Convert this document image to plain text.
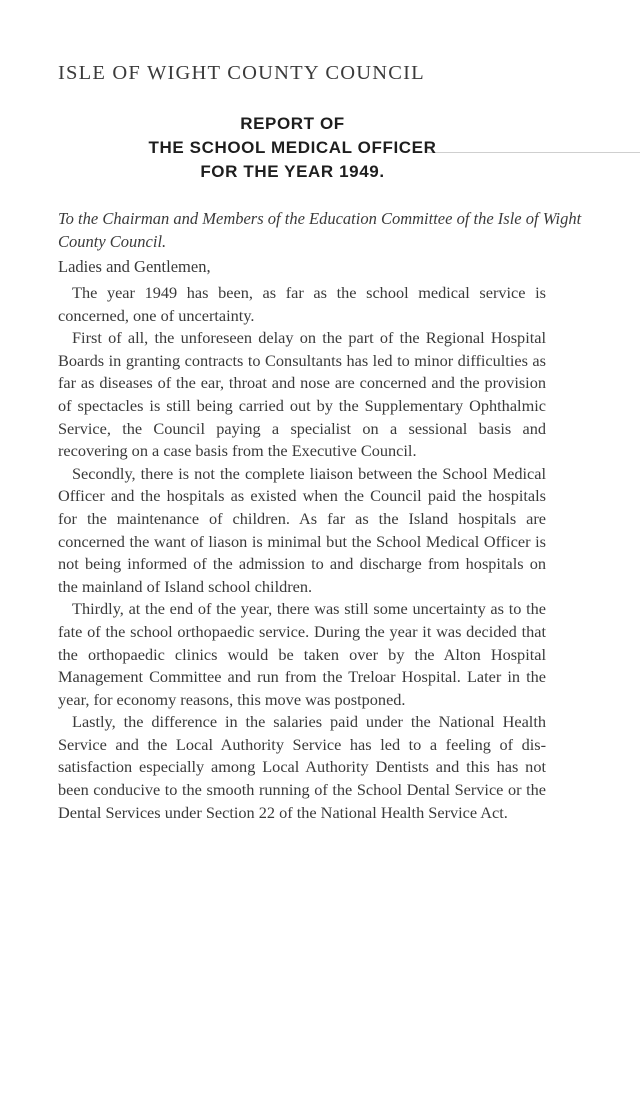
ISLE OF WIGHT COUNTY COUNCIL
REPORT OF
THE SCHOOL MEDICAL OFFICER
FOR THE YEAR 1949.
To the Chairman and Members of the Education Committee of the Isle of Wight County Council.
Ladies and Gentlemen,

The year 1949 has been, as far as the school medical service is concerned, one of uncertainty.

First of all, the unforeseen delay on the part of the Regional Hospital Boards in granting contracts to Consultants has led to minor difficulties as far as diseases of the ear, throat and nose are concerned and the provision of spectacles is still being carried out by the Supplementary Ophthalmic Service, the Council paying a specialist on a sessional basis and recovering on a case basis from the Executive Council.

Secondly, there is not the complete liaison between the School Medical Officer and the hospitals as existed when the Council paid the hospitals for the maintenance of children. As far as the Island hospitals are concerned the want of liason is minimal but the School Medical Officer is not being informed of the admission to and discharge from hospitals on the mainland of Island school children.

Thirdly, at the end of the year, there was still some uncertainty as to the fate of the school orthopaedic service. During the year it was decided that the orthopaedic clinics would be taken over by the Alton Hospital Management Committee and run from the Treloar Hospital. Later in the year, for economy reasons, this move was postponed.

Lastly, the difference in the salaries paid under the National Health Service and the Local Authority Service has led to a feeling of dis-satisfaction especially among Local Authority Dentists and this has not been conducive to the smooth running of the School Dental Service or the Dental Services under Section 22 of the National Health Service Act.
